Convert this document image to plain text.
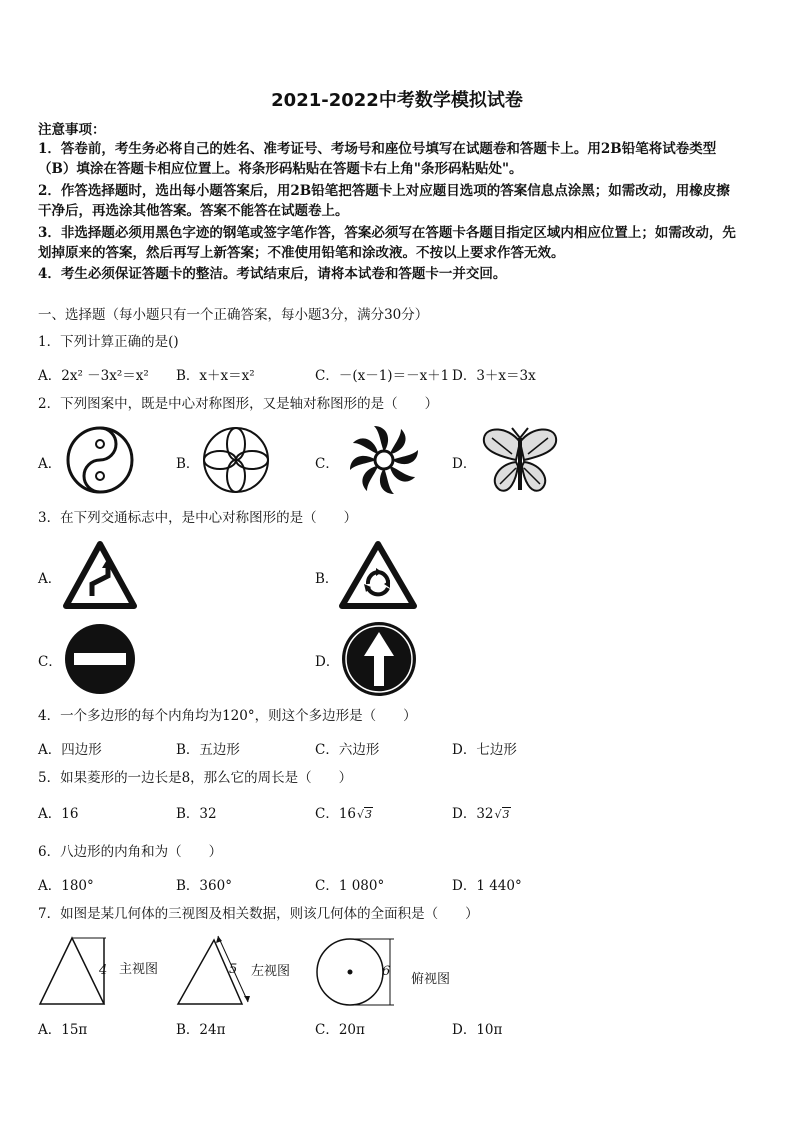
2021-2022中考数学模拟试卷
注意事项：
1．答卷前，考生务必将自己的姓名、准考证号、考场号和座位号填写在试题卷和答题卡上。用2B铅笔将试卷类型
（B）填涂在答题卡相应位置上。将条形码粘贴在答题卡右上角"条形码粘贴处"。
2．作答选择题时，选出每小题答案后，用2B铅笔把答题卡上对应题目选项的答案信息点涂黑；如需改动，用橡皮擦
干净后，再选涂其他答案。答案不能答在试题卷上。
3．非选择题必须用黑色字迹的钢笔或签字笔作答，答案必须写在答题卡各题目指定区域内相应位置上；如需改动，先
划掉原来的答案，然后再写上新答案；不准使用铅笔和涂改液。不按以上要求作答无效。
4．考生必须保证答题卡的整洁。考试结束后，请将本试卷和答题卡一并交回。
一、选择题（每小题只有一个正确答案，每小题3分，满分30分）
1．下列计算正确的是()
A．2x² －3x²＝x² B．x＋x＝x²	C．－(x－1)＝－x＋1 D．3＋x＝3x
2．下列图案中，既是中心对称图形，又是轴对称图形的是（　　）
A．	B．	C．	D．
3．在下列交通标志中，是中心对称图形的是（　　）
A．	B．
C．	D．
4．一个多边形的每个内角均为120°，则这个多边形是（　　）
A．四边形	B．五边形	C．六边形	D．七边形
5．如果菱形的一边长是8，那么它的周长是（　　）
A．16	B．32	C．16√3	D．32√3
6．八边形的内角和为（　　）
A．180°	B．360°	C．1 080°	D．1 440°
7．如图是某几何体的三视图及相关数据，则该几何体的全面积是（　　）
4 主视图	5 左视图	6
俯视图
A．15π	B．24π	C．20π	D．10π
